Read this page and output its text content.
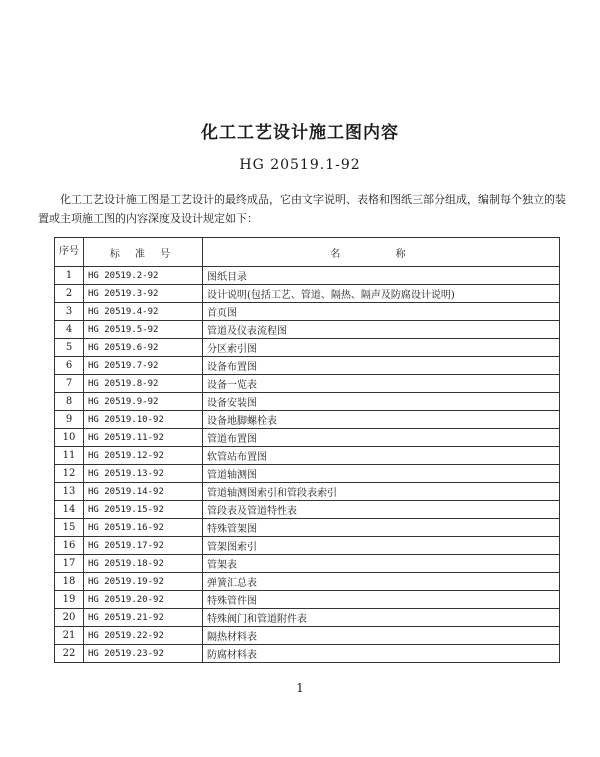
化工工艺设计施工图内容
HG 20519.1-92
化工工艺设计施工图是工艺设计的最终成品，它由文字说明、表格和图纸三部分组成，编制每个独立的装置或主项施工图的内容深度及设计规定如下：
序号	标 准 号	名 称
1	HG 20519.2-92	图纸目录
2	HG 20519.3-92	设计说明(包括工艺、管道、隔热、隔声及防腐设计说明)
3	HG 20519.4-92	首页图
4	HG 20519.5-92	管道及仪表流程图
5	HG 20519.6-92	分区索引图
6	HG 20519.7-92	设备布置图
7	HG 20519.8-92	设备一览表
8	HG 20519.9-92	设备安装图
9	HG 20519.10-92	设备地脚螺栓表
10	HG 20519.11-92	管道布置图
11	HG 20519.12-92	软管站布置图
12	HG 20519.13-92	管道轴测图
13	HG 20519.14-92	管道轴测图索引和管段表索引
14	HG 20519.15-92	管段表及管道特性表
15	HG 20519.16-92	特殊管架图
16	HG 20519.17-92	管架图索引
17	HG 20519.18-92	管架表
18	HG 20519.19-92	弹簧汇总表
19	HG 20519.20-92	特殊管件图
20	HG 20519.21-92	特殊阀门和管道附件表
21	HG 20519.22-92	隔热材料表
22	HG 20519.23-92	防腐材料表
1
